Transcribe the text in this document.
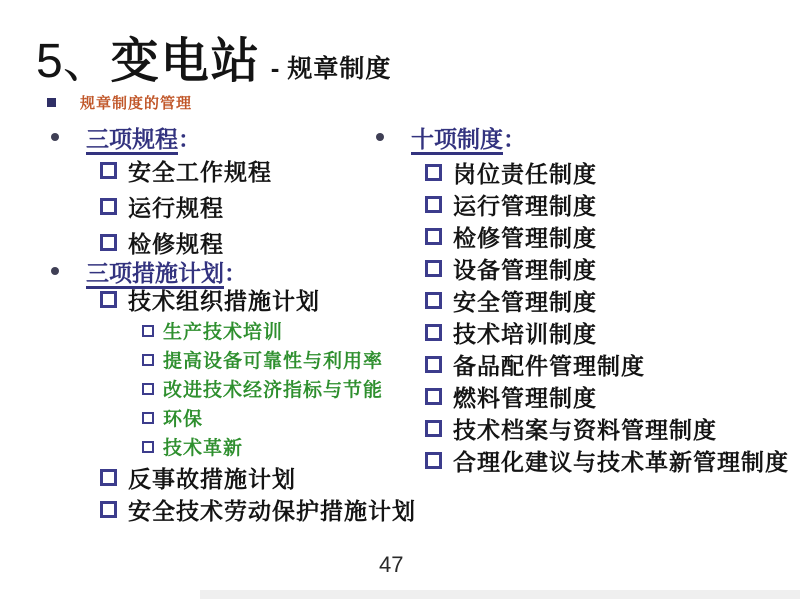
5、 变电站 - 规章制度
规章制度的管理
三项规程 ：
安全工作规程
运行规程
检修规程
三项措施计划 ：
技术组织措施计划
生产技术培训
提高设备可靠性与利用率
改进技术经济指标与节能
环保
技术革新
反事故措施计划
安全技术劳动保护措施计划
十项制度 ：
岗位责任制度
运行管理制度
检修管理制度
设备管理制度
安全管理制度
技术培训制度
备品配件管理制度
燃料管理制度
技术档案与资料管理制度
合理化建议与技术革新管理制度
47
